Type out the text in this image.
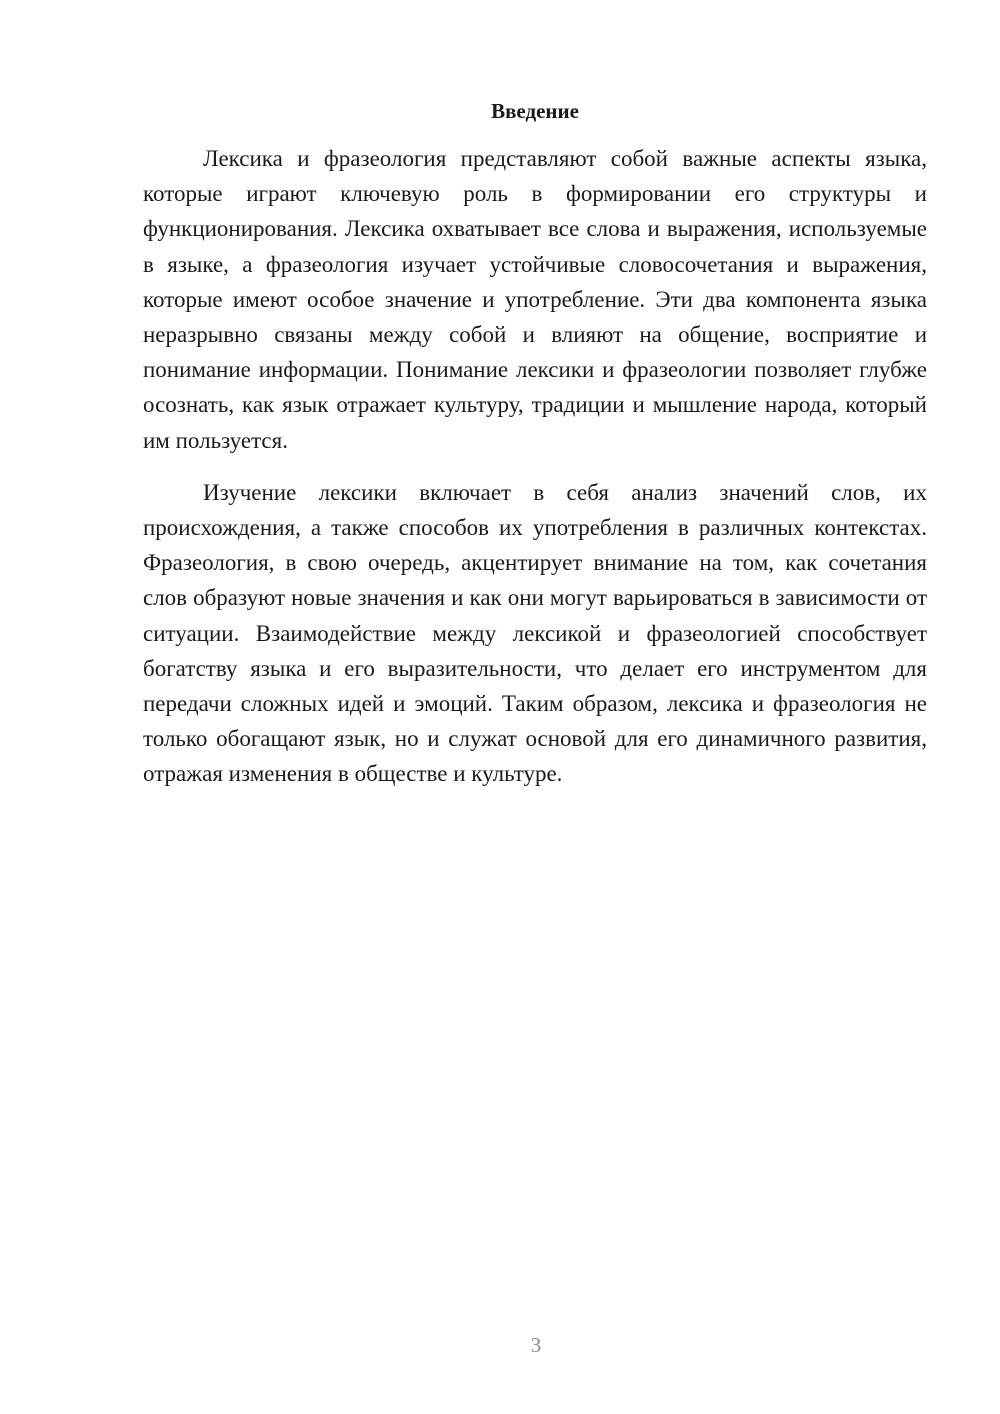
Введение

Лексика и фразеология представляют собой важные аспекты языка, которые играют ключевую роль в формировании его структуры и функционирования. Лексика охватывает все слова и выражения, используемые в языке, а фразеология изучает устойчивые словосочетания и выражения, которые имеют особое значение и употребление. Эти два компонента языка неразрывно связаны между собой и влияют на общение, восприятие и понимание информации. Понимание лексики и фразеологии позволяет глубже осознать, как язык отражает культуру, традиции и мышление народа, который им пользуется.

Изучение лексики включает в себя анализ значений слов, их происхождения, а также способов их употребления в различных контекстах. Фразеология, в свою очередь, акцентирует внимание на том, как сочетания слов образуют новые значения и как они могут варьироваться в зависимости от ситуации. Взаимодействие между лексикой и фразеологией способствует богатству языка и его выразительности, что делает его инструментом для передачи сложных идей и эмоций. Таким образом, лексика и фразеология не только обогащают язык, но и служат основой для его динамичного развития, отражая изменения в обществе и культуре.

3
